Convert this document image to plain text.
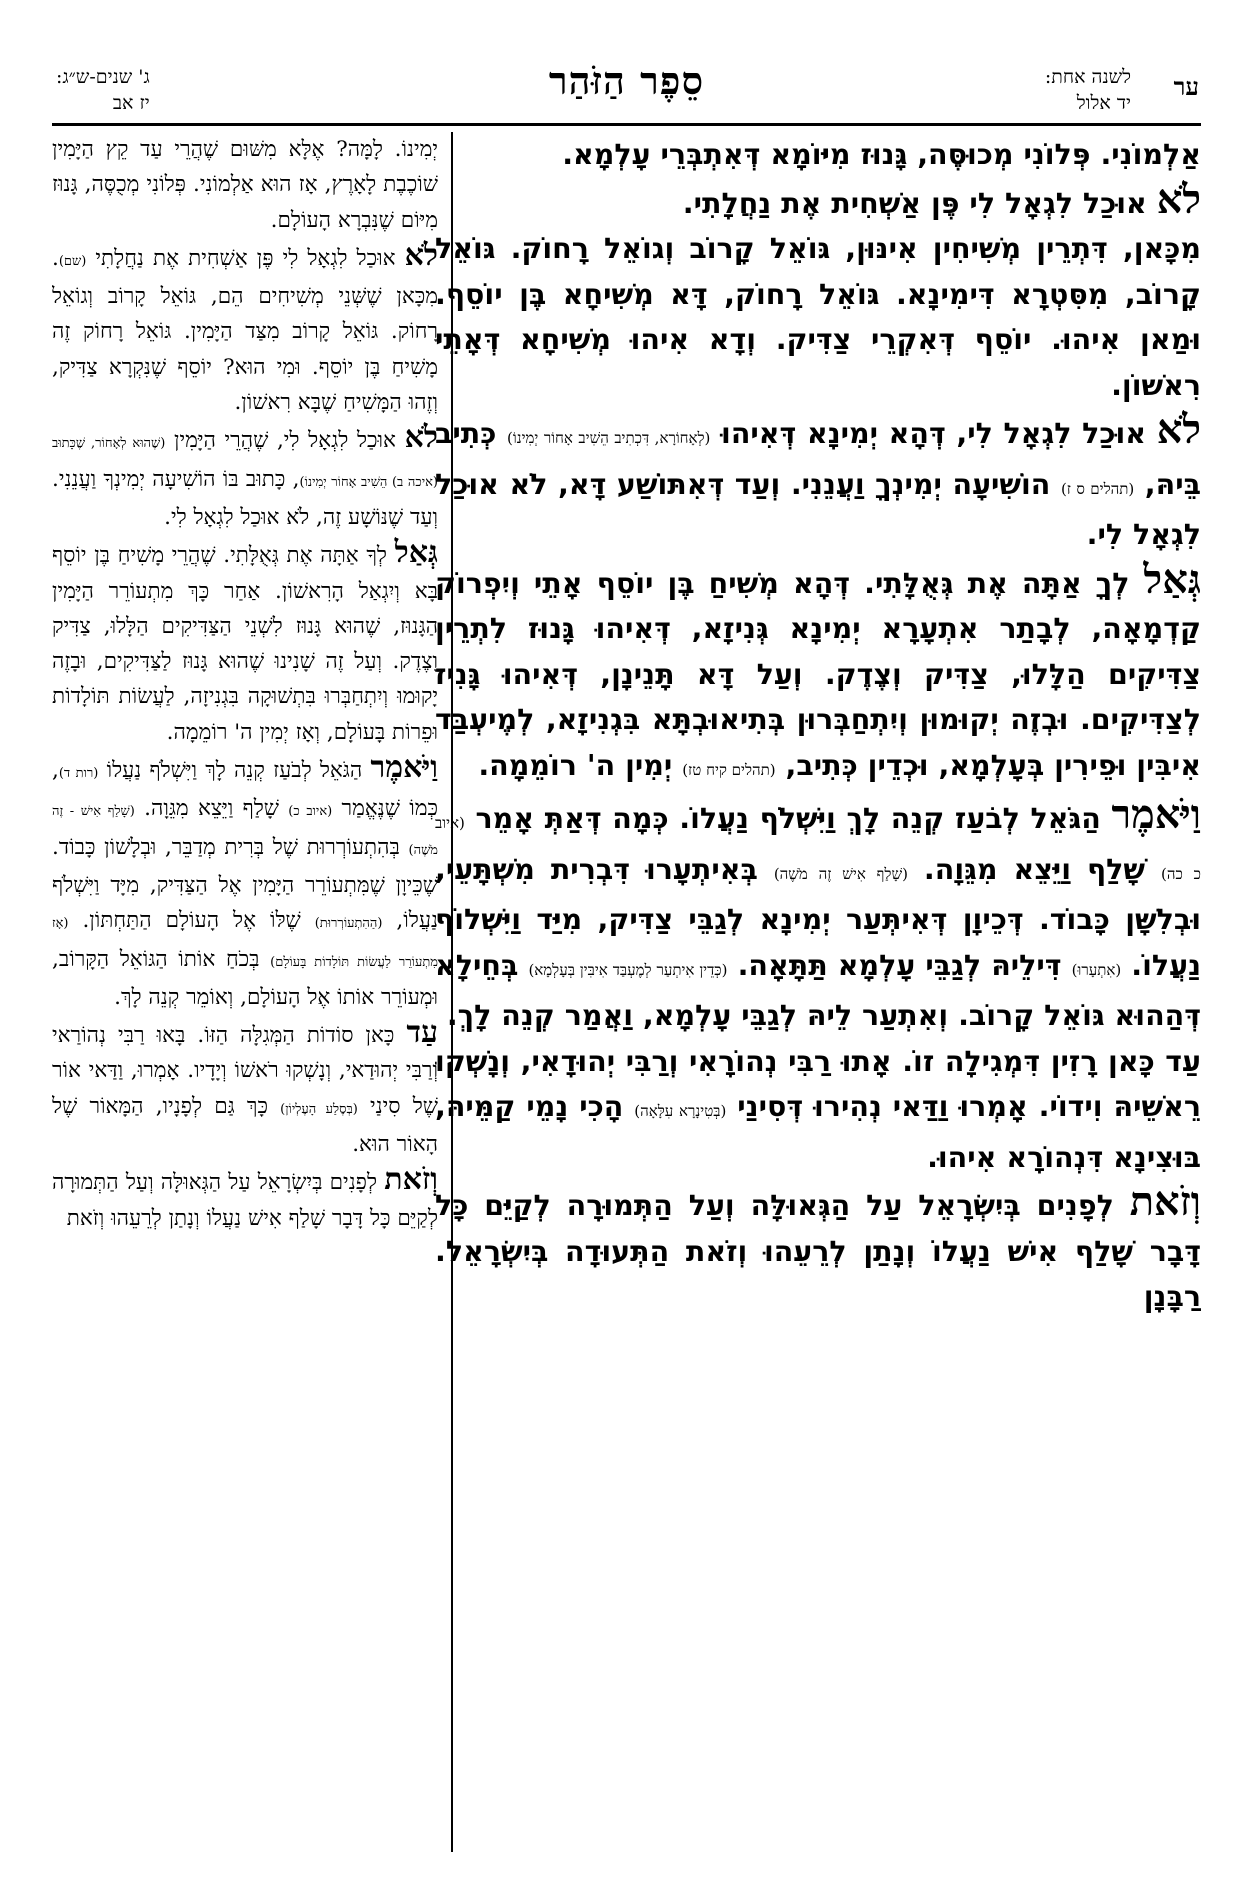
ער
לשנה אחת:
יד אלול
סֵפֶר הַזֹּהַר
ג' שנים-ש״ג:
יז אב

אַלְמוֹנִי. פְּלוֹנִי מְכוּסֶּה, גָּנוּז מִיּוֹמָא דְּאִתְבְּרֵי עָלְמָא.

לֹא אוּכַל לִגְאָל לִי פֶּן אַשְׁחִית אֶת נַחֲלָתִי.

מִכָּאן, דִּתְרֵין מְשִׁיחִין אִינּוּן, גּוֹאֵל קָרוֹב וְגוֹאֵל רָחוֹק. גּוֹאֵל קָרוֹב, מִסִּטְרָא דִּימִינָא. גּוֹאֵל רָחוֹק, דָּא מְשִׁיחָא בֶּן יוֹסֵף. וּמַאן אִיהוּ. יוֹסֵף דְּאִקְרֵי צַדִּיק. וְדָא אִיהוּ מְשִׁיחָא דְּאָתֵי רִאשׁוֹן.

לֹא אוּכַל לִגְאָל לִי, דְּהָא יְמִינָא דְּאִיהוּ (לְאָחוֹרָא, דִּכְתִיב הֵשִׁיב אָחוֹר יְמִינוֹ) כְּתִיב בֵּיהּ, (תהלים ס ז) הוֹשִׁיעָה יְמִינְךָ וַעֲנֵנִי. וְעַד דְּאִתּוֹשַׁע דָּא, לֹא אוּכַל לִגְאָל לִי.

גְּאַל לְךָ אַתָּה אֶת גְּאֻלָּתִי. דְּהָא מְשִׁיחַ בֶּן יוֹסֵף אָתֵי וְיִפְרוֹק קַדְמָאָה, לְבָתַר אִתְעָרָא יְמִינָא גְּנִיזָא, דְּאִיהוּ גָּנוּז לִתְרֵין צַדִּיקִים הַלָּלוּ, צַדִּיק וְצֶדֶק. וְעַל דָּא תָּנֵינָן, דְּאִיהוּ גָּנִיז לְצַדִּיקִים. וּבְזֶה יְקוּמוּן וְיִתְחַבְּרוּן בְּתִיאוּבְתָּא בִּגְנִיזָא, לְמֶיעְבַּד אִיבִּין וּפֵירִין בְּעָלְמָא, וּכְדֵין כְּתִיב, (תהלים קיח טז) יְמִין ה' רוֹמֵמָה.

וַיֹּאמֶר הַגֹּאֵל לְבֹעַז קְנֵה לָךְ וַיִּשְׁלֹף נַעֲלוֹ. כְּמָה דְּאַתְּ אָמֵר (איוב כ כה) שָׁלַף וַיֵּצֵא מִגֵּוָה. (שָׁלַף אִישׁ זֶה מֹשֶׁה) בְּאִיתְעָרוּ דִּבְרִית מִשְׁתָּעֵי, וּבְלִשָּׁן כָּבוֹד. דְּכֵיוָן דְּאִיתְּעַר יְמִינָא לְגַבֵּי צַדִּיק, מִיַּד וַיִּשְׁלוֹף נַעֲלוֹ. (אִתְעָרוּ) דִּילֵיהּ לְגַבֵּי עָלְמָא תַּתָּאָה. (כְּדֵין אִיתְעַר לְמֶעְבַּד אִיבִּין בְּעָלְמָא) בְּחֵילָא דְּהַהוּא גּוֹאֵל קָרוֹב. וְאִתְעַר לֵיהּ לְגַבֵּי עָלְמָא, וַאֲמַר קְנֵה לָךְ.

עַד כָּאן רָזִין דִּמְגִילָה זוֹ. אָתוּ רַבִּי נְהוֹרָאִי וְרַבִּי יְהוּדָאִי, וְנָשְׁקוּ רֵאשֵׁיהּ וִידוֹי. אָמְרוּ וַדַּאי נְהִירוּ דְּסִינַי (בְּטִינָרָא עִלָּאָה) הָכִי נָמֵי קַמֵּיהּ, בּוּצִינָא דִּנְהוֹרָא אִיהוּ.

וְזֹאת לְפָנִים בְּיִשְׂרָאֵל עַל הַגְּאוּלָּה וְעַל הַתְּמוּרָה לְקַיֵּם כָּל דָּבָר שָׁלַף אִישׁ נַעֲלוֹ וְנָתַן לְרֵעֵהוּ וְזֹאת הַתְּעוּדָה בְּיִשְׂרָאֵל. רַבָּנָן

יְמִינוֹ. לָמָּה? אֶלָּא מִשּׁוּם שֶׁהֲרֵי עַד קֵץ הַיָּמִין שׁוֹכֶבֶת לָאָרֶץ, אָז הוּא אַלְמוֹנִי. פְּלוֹנִי מְכֻסֶּה, גָּנוּז מִיּוֹם שֶׁנִּבְרָא הָעוֹלָם.

לֹא אוּכַל לִגְאָל לִי פֶּן אַשְׁחִית אֶת נַחֲלָתִי (שם). מִכָּאן שֶׁשְּׁנֵי מְשִׁיחִים הֵם, גּוֹאֵל קָרוֹב וְגוֹאֵל רָחוֹק. גּוֹאֵל קָרוֹב מִצַּד הַיָּמִין. גּוֹאֵל רָחוֹק זֶה מָשִׁיחַ בֶּן יוֹסֵף. וּמִי הוּא? יוֹסֵף שֶׁנִּקְרָא צַדִּיק, וְזֶהוּ הַמָּשִׁיחַ שֶׁבָּא רִאשׁוֹן.

לֹא אוּכַל לִגְאָל לִי, שֶׁהֲרֵי הַיָּמִין (שֶׁהוּא לְאָחוֹר, שֶׁכָּתוּב (איכה ב) הֵשִׁיב אָחוֹר יְמִינוֹ), כָּתוּב בּוֹ הוֹשִׁיעָה יְמִינְךָ וַעֲנֵנִי. וְעַד שֶׁנּוֹשָׁע זֶה, לֹא אוּכַל לִגְאָל לִי.

גְּאַל לְךָ אַתָּה אֶת גְּאֻלָּתִי. שֶׁהֲרֵי מָשִׁיחַ בֶּן יוֹסֵף בָּא וְיִגְאַל הָרִאשׁוֹן. אַחַר כָּךְ מִתְעוֹרֵר הַיָּמִין הַגָּנוּז, שֶׁהוּא גָּנוּז לִשְׁנֵי הַצַּדִּיקִים הַלָּלוּ, צַדִּיק וָצֶדֶק. וְעַל זֶה שָׁנִינוּ שֶׁהוּא גָּנוּז לַצַּדִּיקִים, וּבָזֶה יָקוּמוּ וְיִתְחַבְּרוּ בִּתְשׁוּקָה בִּגְנִיזָה, לַעֲשׂוֹת תּוֹלָדוֹת וּפֵרוֹת בָּעוֹלָם, וְאָז יְמִין ה' רוֹמֵמָה.

וַיֹּאמֶר הַגֹּאֵל לְבֹעַז קְנֵה לָךְ וַיִּשְׁלֹף נַעֲלוֹ (רות ד), כְּמוֹ שֶׁנֶּאֱמַר (איוב כ) שָׁלַף וַיֵּצֵא מִגֵּוָה. (שָׁלַף אִישׁ - זֶה מֹשֶׁה) בְּהִתְעוֹרְרוּת שֶׁל בְּרִית מְדַבֵּר, וּבְלָשׁוֹן כָּבוֹד. שֶׁכֵּיוָן שֶׁמִּתְעוֹרֵר הַיָּמִין אֶל הַצַּדִּיק, מִיָּד וַיִּשְׁלֹף נַעֲלוֹ, (הַהִתְעוֹרְרוּת) שֶׁלּוֹ אֶל הָעוֹלָם הַתַּחְתּוֹן. (אָז מִתְעוֹרֵר לַעֲשׂוֹת תּוֹלָדוֹת בָּעוֹלָם) בְּכֹחַ אוֹתוֹ הַגּוֹאֵל הַקָּרוֹב, וּמְעוֹרֵר אוֹתוֹ אֶל הָעוֹלָם, וְאוֹמֵר קְנֵה לָךְ.

עַד כָּאן סוֹדוֹת הַמְּגִלָּה הַזּוֹ. בָּאוּ רַבִּי נְהוֹרַאי וְרַבִּי יְהוּדַאי, וְנָשְׁקוּ רֹאשׁוֹ וְיָדָיו. אָמְרוּ, וַדַּאי אוֹר שֶׁל סִינַי (בְּסֶלַע הָעֶלְיוֹן) כָּךְ גַּם לְפָנָיו, הַמָּאוֹר שֶׁל הָאוֹר הוּא.

וְזֹאת לְפָנִים בְּיִשְׂרָאֵל עַל הַגְּאוּלָּה וְעַל הַתְּמוּרָה לְקַיֵּם כָּל דָּבָר שָׁלַף אִישׁ נַעֲלוֹ וְנָתַן לְרֵעֵהוּ וְזֹאת
